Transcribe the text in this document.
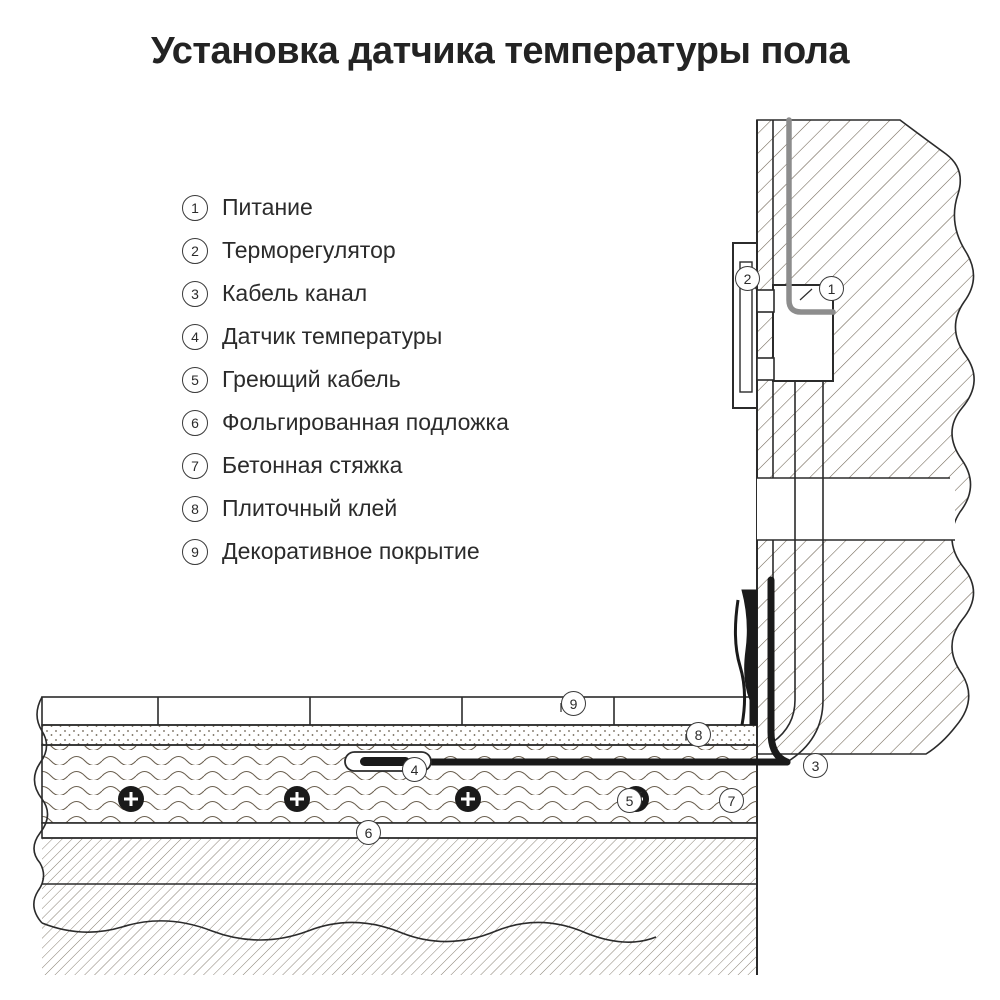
Установка датчика температуры пола
1	Питание
2	Терморегулятор
3	Кабель канал
4	Датчик температуры
5	Греющий кабель
6	Фольгированная подложка
7	Бетонная стяжка
8	Плиточный клей
9	Декоративное покрытие
1
2
3
4
5
6
7
8
9
